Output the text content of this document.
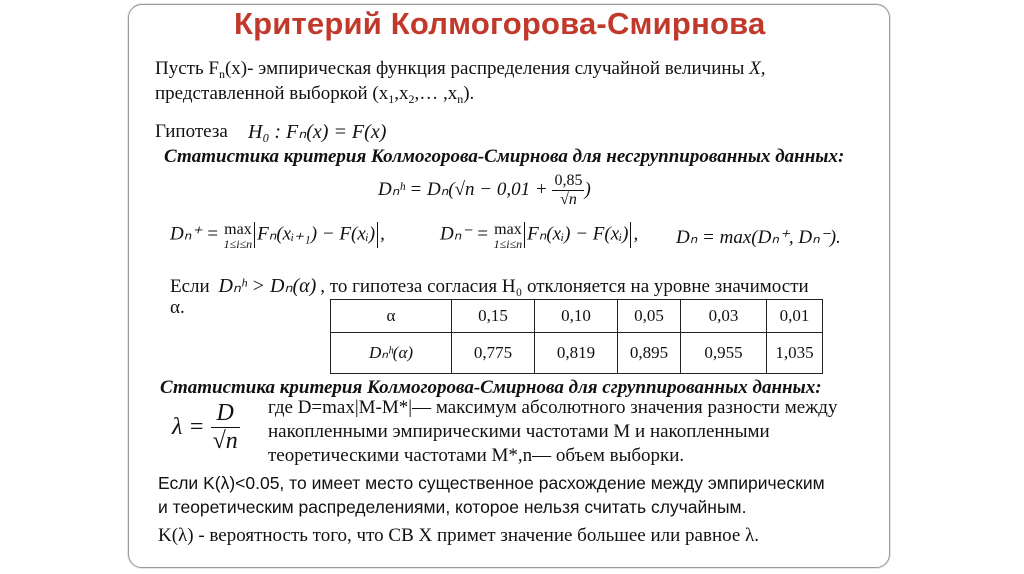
Критерий Колмогорова-Смирнова
Пусть $F_n(x)-$ эмпирическая функция распределения случайной величины X,
представленной выборкой ($x_1,x_2,\dots$ $,x_n$).
Гипотеза H₀ : Fₙ(x) = F(x)
Статистика критерия Колмогорова-Смирнова для несгруппированных данных:
Dₙʰ = $D_n(√n - 0,01 + \frac{0,85}{√n}$ )
Dₙ⁺ = max
1≤i≤n Fₙ(xᵢ₊₁) − F(xᵢ) ,	Dₙ⁻ = max
1≤i≤n Fₙ(xᵢ) − F(xᵢ) , Dₙ = max(Dₙ⁺, Dₙ⁻).
Если Dₙʰ > Dₙ(α) , то гипотеза согласия H₀ отклоняется на уровне значимости
α.	α	0,15	0,10	0,05	0,03	0,01
Dₙʰ(α)	0,775	0,819	0,895	0,955	1,035
Статистика критерия Колмогорова-Смирнова для сгруппированных данных:
$\lambda = \frac{D}{√n}$ где D=max|M-M*|— максимум абсолютного значения разности между
накопленными эмпирическими частотами M и накопленными
теоретическими частотами M*,n— объем выборки.
Если K(λ)<0.05, то имеет место существенное расхождение между эмпирическим
и теоретическим распределениями, которое нельзя считать случайным.
K(λ) - вероятность того, что СВ X примет значение большее или равное λ.
